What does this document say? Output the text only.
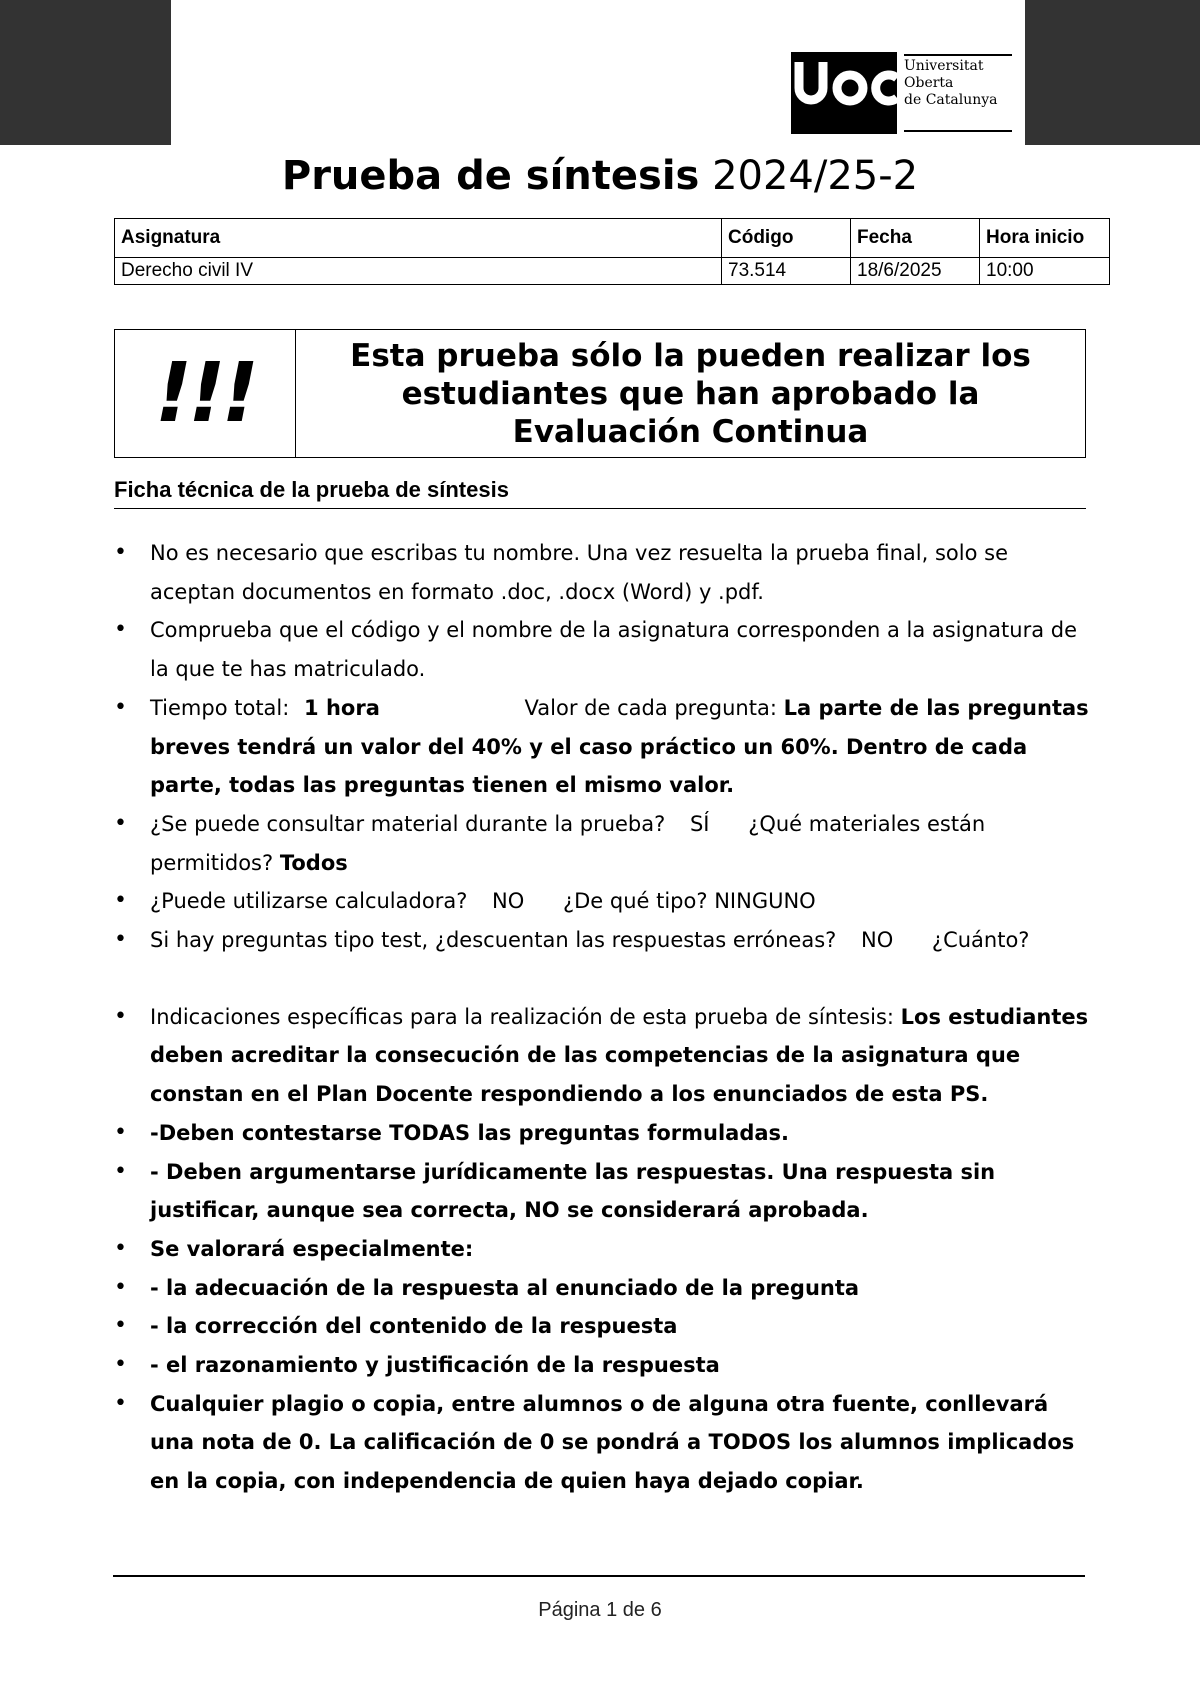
Universitat
Oberta
de Catalunya
Prueba de síntesis 2024/25-2
Asignatura	Código	Fecha	Hora inicio
Derecho civil IV	73.514	18/6/2025	10:00
!!!	Esta prueba sólo la pueden realizar los estudiantes que han aprobado la Evaluación Continua
Ficha técnica de la prueba de síntesis
• No es necesario que escribas tu nombre. Una vez resuelta la prueba final, solo se aceptan documentos en formato .doc, .docx (Word) y .pdf.
• Comprueba que el código y el nombre de la asignatura corresponden a la asignatura de la que te has matriculado.
• Tiempo total: 1 hora	Valor de cada pregunta: La parte de las preguntas breves tendrá un valor del 40% y el caso práctico un 60%. Dentro de cada parte, todas las preguntas tienen el mismo valor.
• ¿Se puede consultar material durante la prueba? SÍ ¿Qué materiales están permitidos? Todos
• ¿Puede utilizarse calculadora? NO ¿De qué tipo? NINGUNO
• Si hay preguntas tipo test, ¿descuentan las respuestas erróneas? NO ¿Cuánto?
• Indicaciones específicas para la realización de esta prueba de síntesis: Los estudiantes deben acreditar la consecución de las competencias de la asignatura que constan en el Plan Docente respondiendo a los enunciados de esta PS.
• -Deben contestarse TODAS las preguntas formuladas.
• - Deben argumentarse jurídicamente las respuestas. Una respuesta sin justificar, aunque sea correcta, NO se considerará aprobada.
• Se valorará especialmente:
• - la adecuación de la respuesta al enunciado de la pregunta
• - la corrección del contenido de la respuesta
• - el razonamiento y justificación de la respuesta
• Cualquier plagio o copia, entre alumnos o de alguna otra fuente, conllevará una nota de 0. La calificación de 0 se pondrá a TODOS los alumnos implicados en la copia, con independencia de quien haya dejado copiar.
Página 1 de 6
